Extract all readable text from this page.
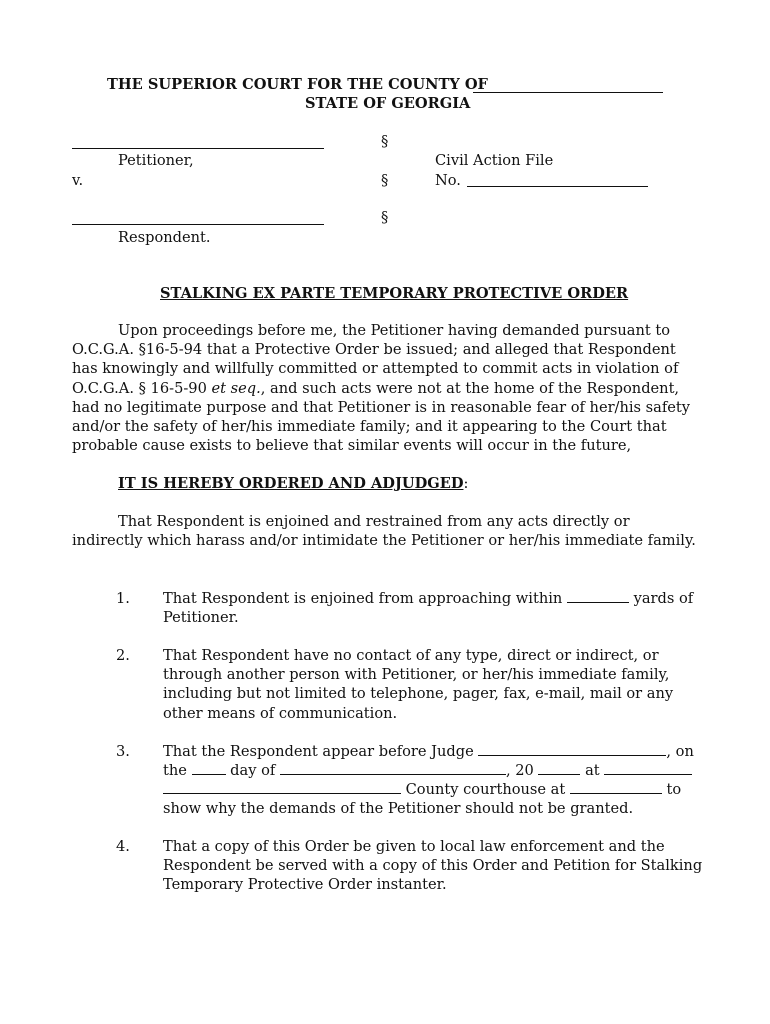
THE SUPERIOR COURT FOR THE COUNTY OF
STATE OF GEORGIA
§
Petitioner,	Civil Action File
v.	§	No.
§
Respondent.
STALKING EX PARTE TEMPORARY PROTECTIVE ORDER
Upon proceedings before me, the Petitioner having demanded pursuant to O.C.G.A. §16-5-94 that a Protective Order be issued; and alleged that Respondent has knowingly and willfully committed or attempted to commit acts in violation of O.C.G.A. § 16-5-90 et seq., and such acts were not at the home of the Respondent, had no legitimate purpose and that Petitioner is in reasonable fear of her/his safety and/or the safety of her/his immediate family; and it appearing to the Court that probable cause exists to believe that similar events will occur in the future,
IT IS HEREBY ORDERED AND ADJUDGED:
That Respondent is enjoined and restrained from any acts directly or indirectly which harass and/or intimidate the Petitioner or her/his immediate family.
1. That Respondent is enjoined from approaching within	yards of Petitioner.
2. That Respondent have no contact of any type, direct or indirect, or through another person with Petitioner, or her/his immediate family, including but not limited to telephone, pager, fax, e-mail, mail or any other means of communication.
3. That the Respondent appear before Judge	, on
the  day of	, 20	at
County courthouse at	to
show why the demands of the Petitioner should not be granted.
4. That a copy of this Order be given to local law enforcement and the Respondent be served with a copy of this Order and Petition for Stalking Temporary Protective Order instanter.
